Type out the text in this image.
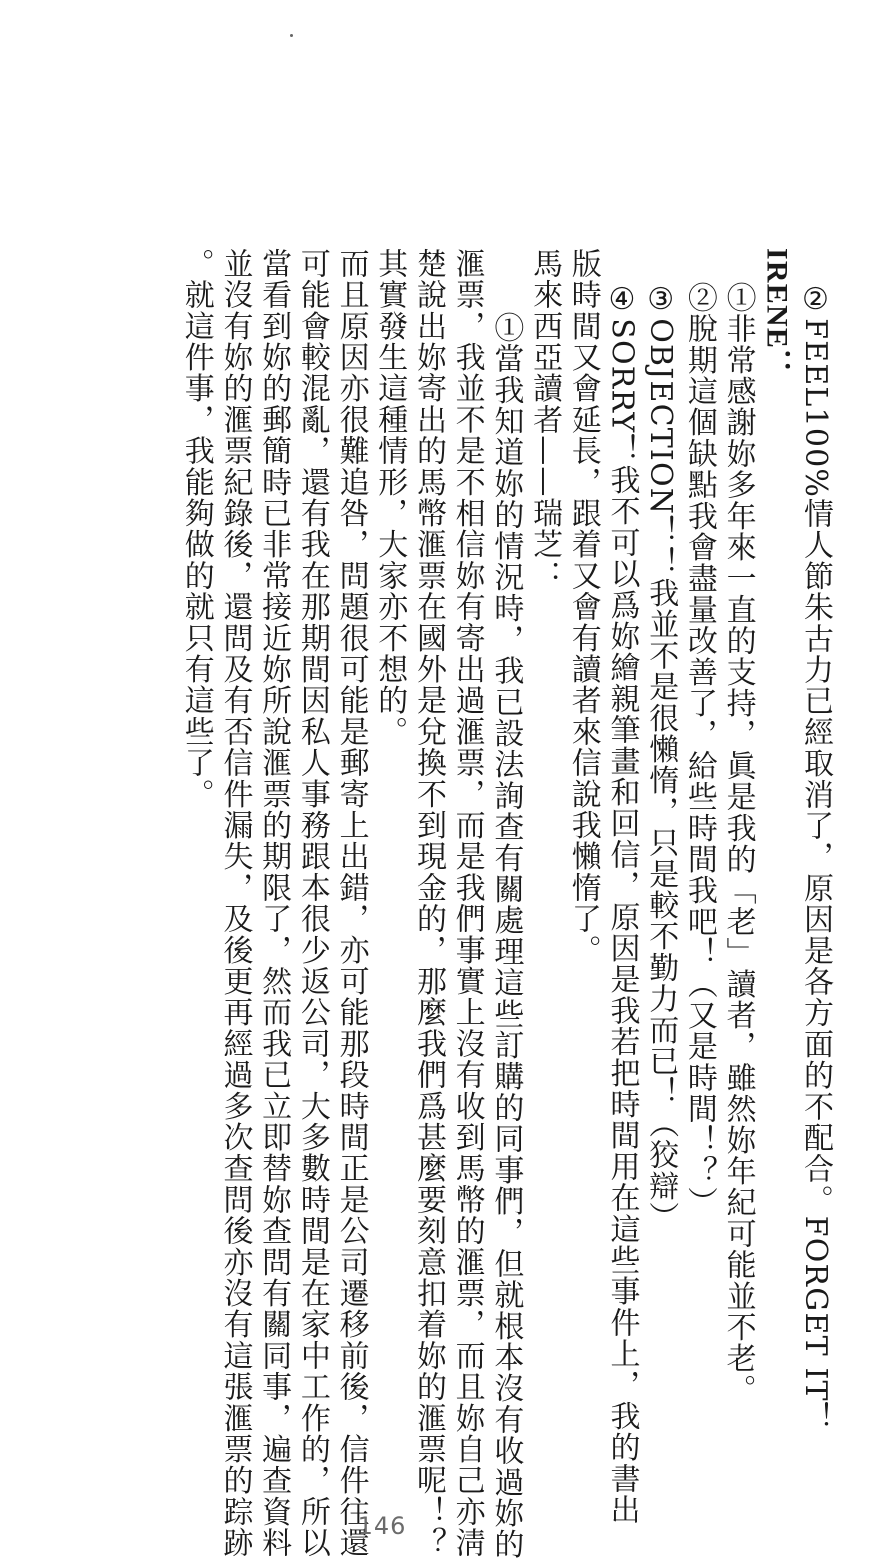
②FEEL100%情人節朱古力已經取消了，原因是各方面的不配合。FORGET IT！
IRENE：
①非常感謝妳多年來一直的支持，眞是我的「老」讀者，雖然妳年紀可能並不老。
②脫期這個缺點我會盡量改善了，給些時間我吧！（又是時間！？）
③OBJECTION！！我並不是很懶惰，只是較不勤力而已！（狡辯）
④SORRY！我不可以爲妳繪親筆畫和回信，原因是我若把時間用在這些事件上，我的書出
版時間又會延長，跟着又會有讀者來信說我懶惰了。
馬來西亞讀者——瑞芝：
①當我知道妳的情況時，我已設法詢查有關處理這些訂購的同事們，但就根本沒有收過妳的
滙票，我並不是不相信妳有寄出過滙票，而是我們事實上沒有收到馬幣的滙票，而且妳自己亦淸
楚說出妳寄出的馬幣滙票在國外是兌換不到現金的，那麼我們爲甚麼要刻意扣着妳的滙票呢！？
其實發生這種情形，大家亦不想的。
而且原因亦很難追咎，問題很可能是郵寄上出錯，亦可能那段時間正是公司遷移前後，信件往還
可能會較混亂，還有我在那期間因私人事務跟本很少返公司，大多數時間是在家中工作的，所以
當看到妳的郵簡時已非常接近妳所說滙票的期限了，然而我已立即替妳查問有關同事，遍查資料
並沒有妳的滙票紀錄後，還問及有否信件漏失，及後更再經過多次查問後亦沒有這張滙票的踪跡
。就這件事，我能夠做的就只有這些了。
146
